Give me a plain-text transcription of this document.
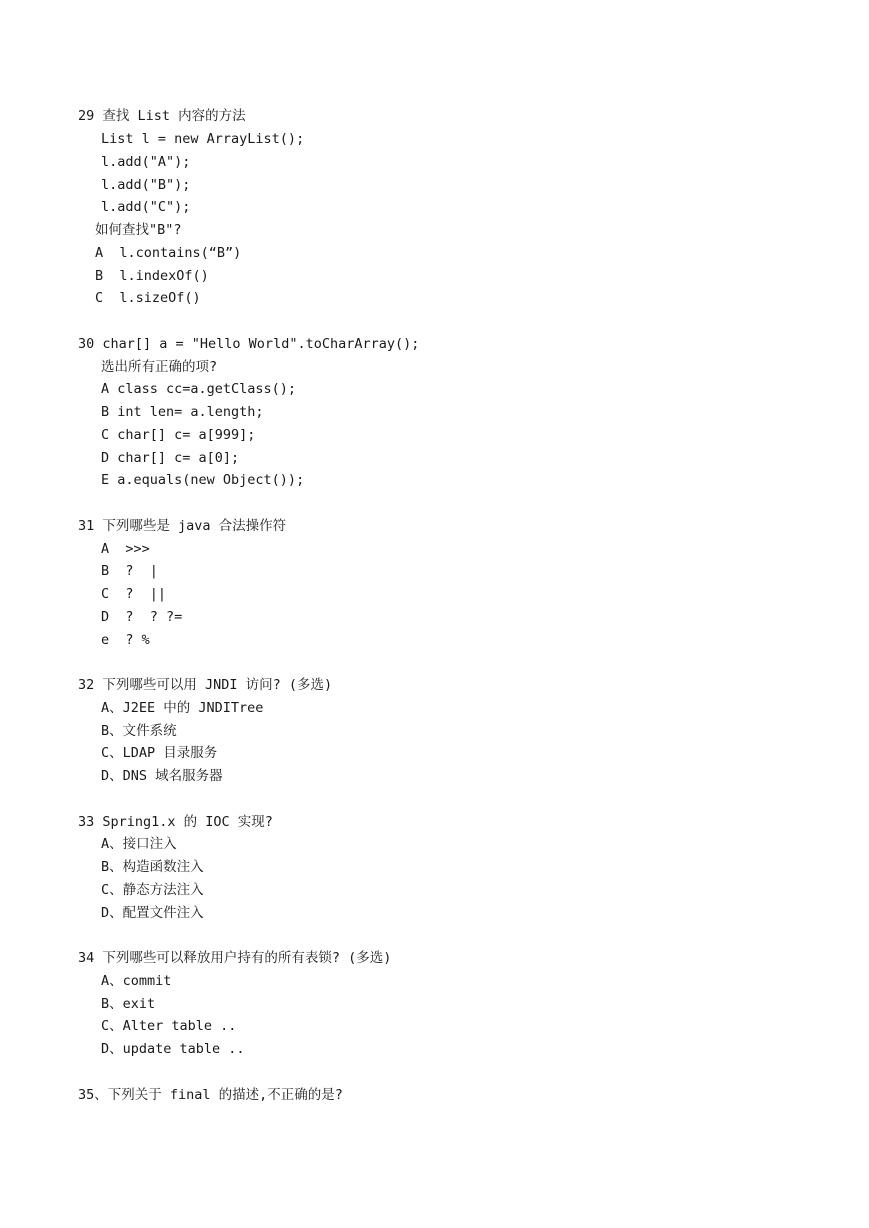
29 查找 List 内容的方法
List l = new ArrayList();
l.add("A");
l.add("B");
l.add("C");
如何查找"B"?
A  l.contains(“B”)
B  l.indexOf()
C  l.sizeOf()
30 char[] a = "Hello World".toCharArray();
选出所有正确的项?
A class cc=a.getClass();
B int len= a.length;
C char[] c= a[999];
D char[] c= a[0];
E a.equals(new Object());
31 下列哪些是 java 合法操作符
A  >>>
B  ?  |
C  ?  ||
D  ?  ? ?=
e  ? %
32 下列哪些可以用 JNDI 访问? (多选)
A、J2EE 中的 JNDITree
B、文件系统
C、LDAP 目录服务
D、DNS 域名服务器
33 Spring1.x 的 IOC 实现?
A、接口注入
B、构造函数注入
C、静态方法注入
D、配置文件注入
34 下列哪些可以释放用户持有的所有表锁? (多选)
A、commit
B、exit
C、Alter table ..
D、update table ..
35、下列关于 final 的描述,不正确的是?
